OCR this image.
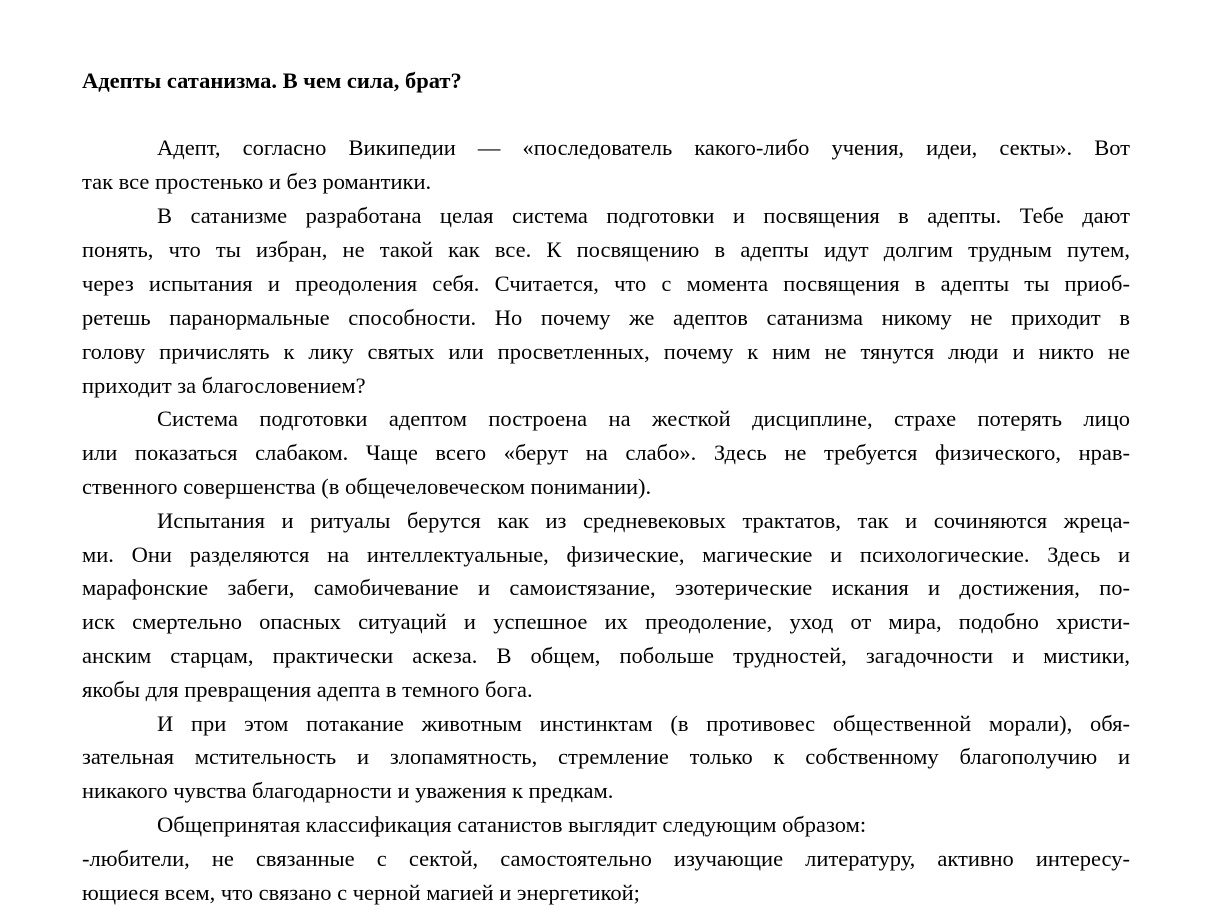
Адепты сатанизма. В чем сила, брат?

Адепт, согласно Википедии — «последователь какого-либо учения, идеи, секты». Вот

так все простенько и без романтики.

В сатанизме разработана целая система подготовки и посвящения в адепты. Тебе дают

понять, что ты избран, не такой как все. К посвящению в адепты идут долгим трудным путем,

через испытания и преодоления себя. Считается, что с момента посвящения в адепты ты приоб-

ретешь паранормальные способности. Но почему же адептов сатанизма никому не приходит в

голову причислять к лику святых или просветленных, почему к ним не тянутся люди и никто не

приходит за благословением?

Система подготовки адептом построена на жесткой дисциплине, страхе потерять лицо

или показаться слабаком. Чаще всего «берут на слабо». Здесь не требуется физического, нрав-

ственного совершенства (в общечеловеческом понимании).

Испытания и ритуалы берутся как из средневековых трактатов, так и сочиняются жреца-

ми. Они разделяются на интеллектуальные, физические, магические и психологические. Здесь и

марафонские забеги, самобичевание и самоистязание, эзотерические искания и достижения, по-

иск смертельно опасных ситуаций и успешное их преодоление, уход от мира, подобно христи-

анским старцам, практически аскеза. В общем, побольше трудностей, загадочности и мистики,

якобы для превращения адепта в темного бога.

И при этом потакание животным инстинктам (в противовес общественной морали), обя-

зательная мстительность и злопамятность, стремление только к собственному благополучию и

никакого чувства благодарности и уважения к предкам.

Общепринятая классификация сатанистов выглядит следующим образом:

-любители, не связанные с сектой, самостоятельно изучающие литературу, активно интересу-

ющиеся всем, что связано с черной магией и энергетикой;
